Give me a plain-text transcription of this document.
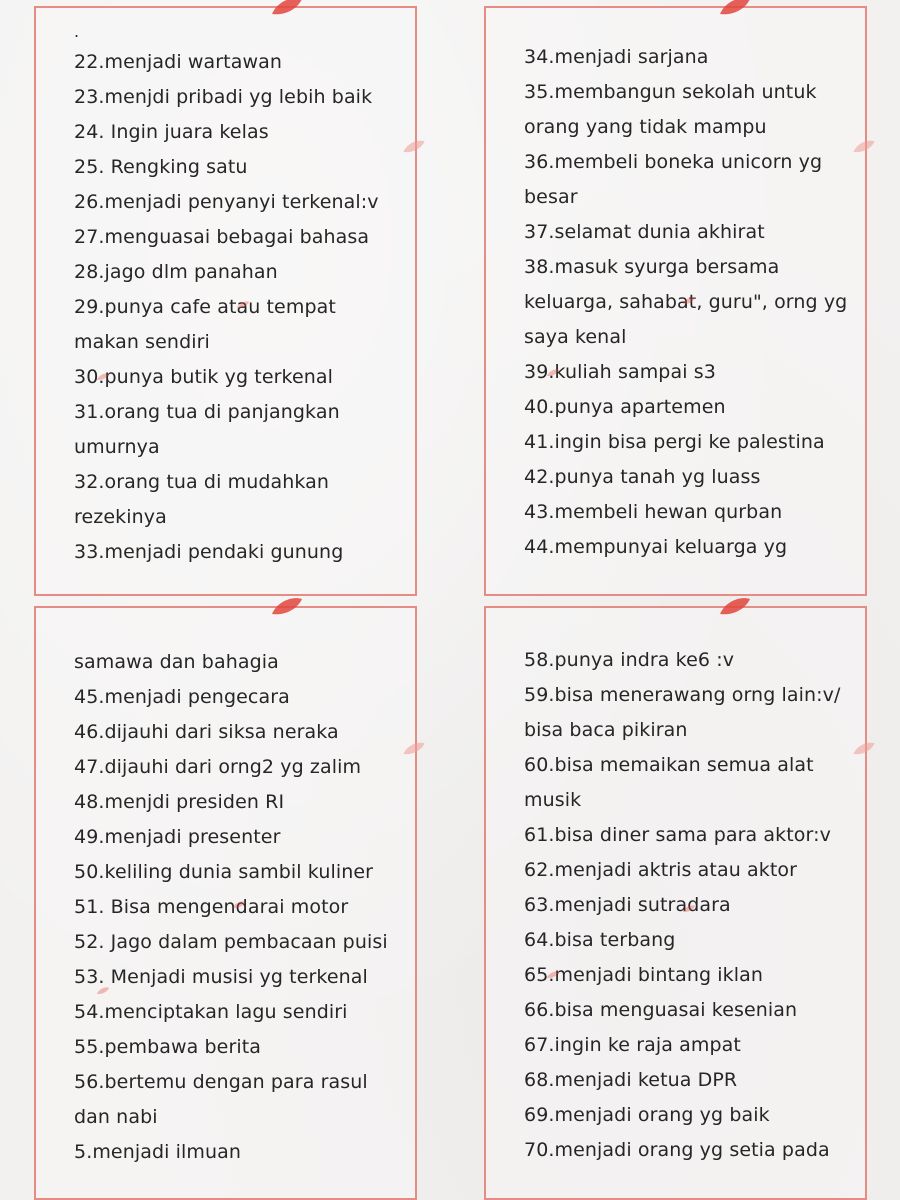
.
22.menjadi wartawan
23.menjdi pribadi yg lebih baik
24. Ingin juara kelas
25. Rengking satu
26.menjadi penyanyi terkenal:v
27.menguasai bebagai bahasa
28.jago dlm panahan
29.punya cafe atau tempat
makan sendiri
30.punya butik yg terkenal
31.orang tua di panjangkan
umurnya
32.orang tua di mudahkan
rezekinya
33.menjadi pendaki gunung
34.menjadi sarjana
35.membangun sekolah untuk
orang yang tidak mampu
36.membeli boneka unicorn yg
besar
37.selamat dunia akhirat
38.masuk syurga bersama
keluarga, sahabat, guru", orng yg
saya kenal
39.kuliah sampai s3
40.punya apartemen
41.ingin bisa pergi ke palestina
42.punya tanah yg luass
43.membeli hewan qurban
44.mempunyai keluarga yg
samawa dan bahagia
45.menjadi pengecara
46.dijauhi dari siksa neraka
47.dijauhi dari orng2 yg zalim
48.menjdi presiden RI
49.menjadi presenter
50.keliling dunia sambil kuliner
51. Bisa mengendarai motor
52. Jago dalam pembacaan puisi
53. Menjadi musisi yg terkenal
54.menciptakan lagu sendiri
55.pembawa berita
56.bertemu dengan para rasul
dan nabi
5.menjadi ilmuan
58.punya indra ke6 :v
59.bisa menerawang orng lain:v/
bisa baca pikiran
60.bisa memaikan semua alat
musik
61.bisa diner sama para aktor:v
62.menjadi aktris atau aktor
63.menjadi sutradara
64.bisa terbang
65.menjadi bintang iklan
66.bisa menguasai kesenian
67.ingin ke raja ampat
68.menjadi ketua DPR
69.menjadi orang yg baik
70.menjadi orang yg setia pada
